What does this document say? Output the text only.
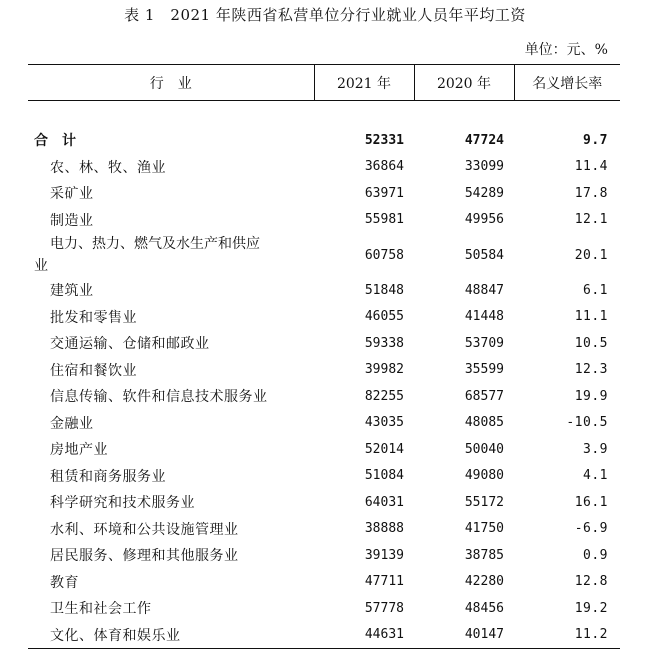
表 1　2021 年陕西省私营单位分行业就业人员年平均工资
单位：元、%
行　业	2021 年	2020 年	名义增长率

合计	52331	47724	9.7
农、林、牧、渔业	36864	33099	11.4
采矿业	63971	54289	17.8
制造业	55981	49956	12.1
电力、热力、燃气及水生产和供应
业	60758	50584	20.1
建筑业	51848	48847	6.1
批发和零售业	46055	41448	11.1
交通运输、仓储和邮政业	59338	53709	10.5
住宿和餐饮业	39982	35599	12.3
信息传输、软件和信息技术服务业	82255	68577	19.9
金融业	43035	48085	-10.5
房地产业	52014	50040	3.9
租赁和商务服务业	51084	49080	4.1
科学研究和技术服务业	64031	55172	16.1
水利、环境和公共设施管理业	38888	41750	-6.9
居民服务、修理和其他服务业	39139	38785	0.9
教育	47711	42280	12.8
卫生和社会工作	57778	48456	19.2
文化、体育和娱乐业	44631	40147	11.2
